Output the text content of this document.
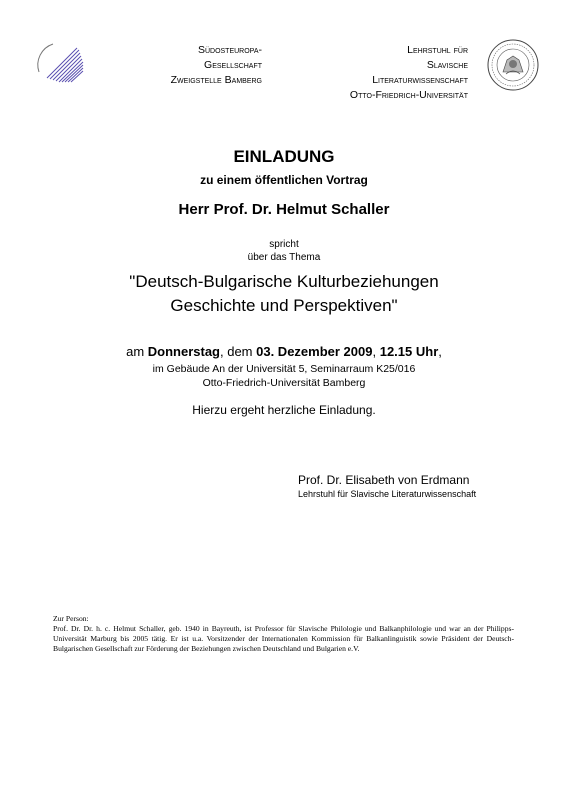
Südosteuropa-
Gesellschaft
Zweigstelle Bamberg
Lehrstuhl für
Slavische
Literaturwissenschaft
Otto-Friedrich-Universität
EINLADUNG
zu einem öffentlichen Vortrag
Herr Prof. Dr. Helmut Schaller
spricht
über das Thema
"Deutsch-Bulgarische Kulturbeziehungen
Geschichte und Perspektiven"
am Donnerstag, dem 03. Dezember 2009, 12.15 Uhr,
im Gebäude An der Universität 5, Seminarraum K25/016
Otto-Friedrich-Universität Bamberg
Hierzu ergeht herzliche Einladung.
Prof. Dr. Elisabeth von Erdmann
Lehrstuhl für Slavische Literaturwissenschaft
Zur Person:
Prof. Dr. Dr. h. c. Helmut Schaller, geb. 1940 in Bayreuth, ist Professor für Slavische Philologie und Balkanphilologie und war an der Philipps-Universität Marburg bis 2005 tätig. Er ist u.a. Vorsitzender der Internationalen Kommission für Balkanlinguistik sowie Präsident der Deutsch-Bulgarischen Gesellschaft zur Förderung der Beziehungen zwischen Deutschland und Bulgarien e.V.
